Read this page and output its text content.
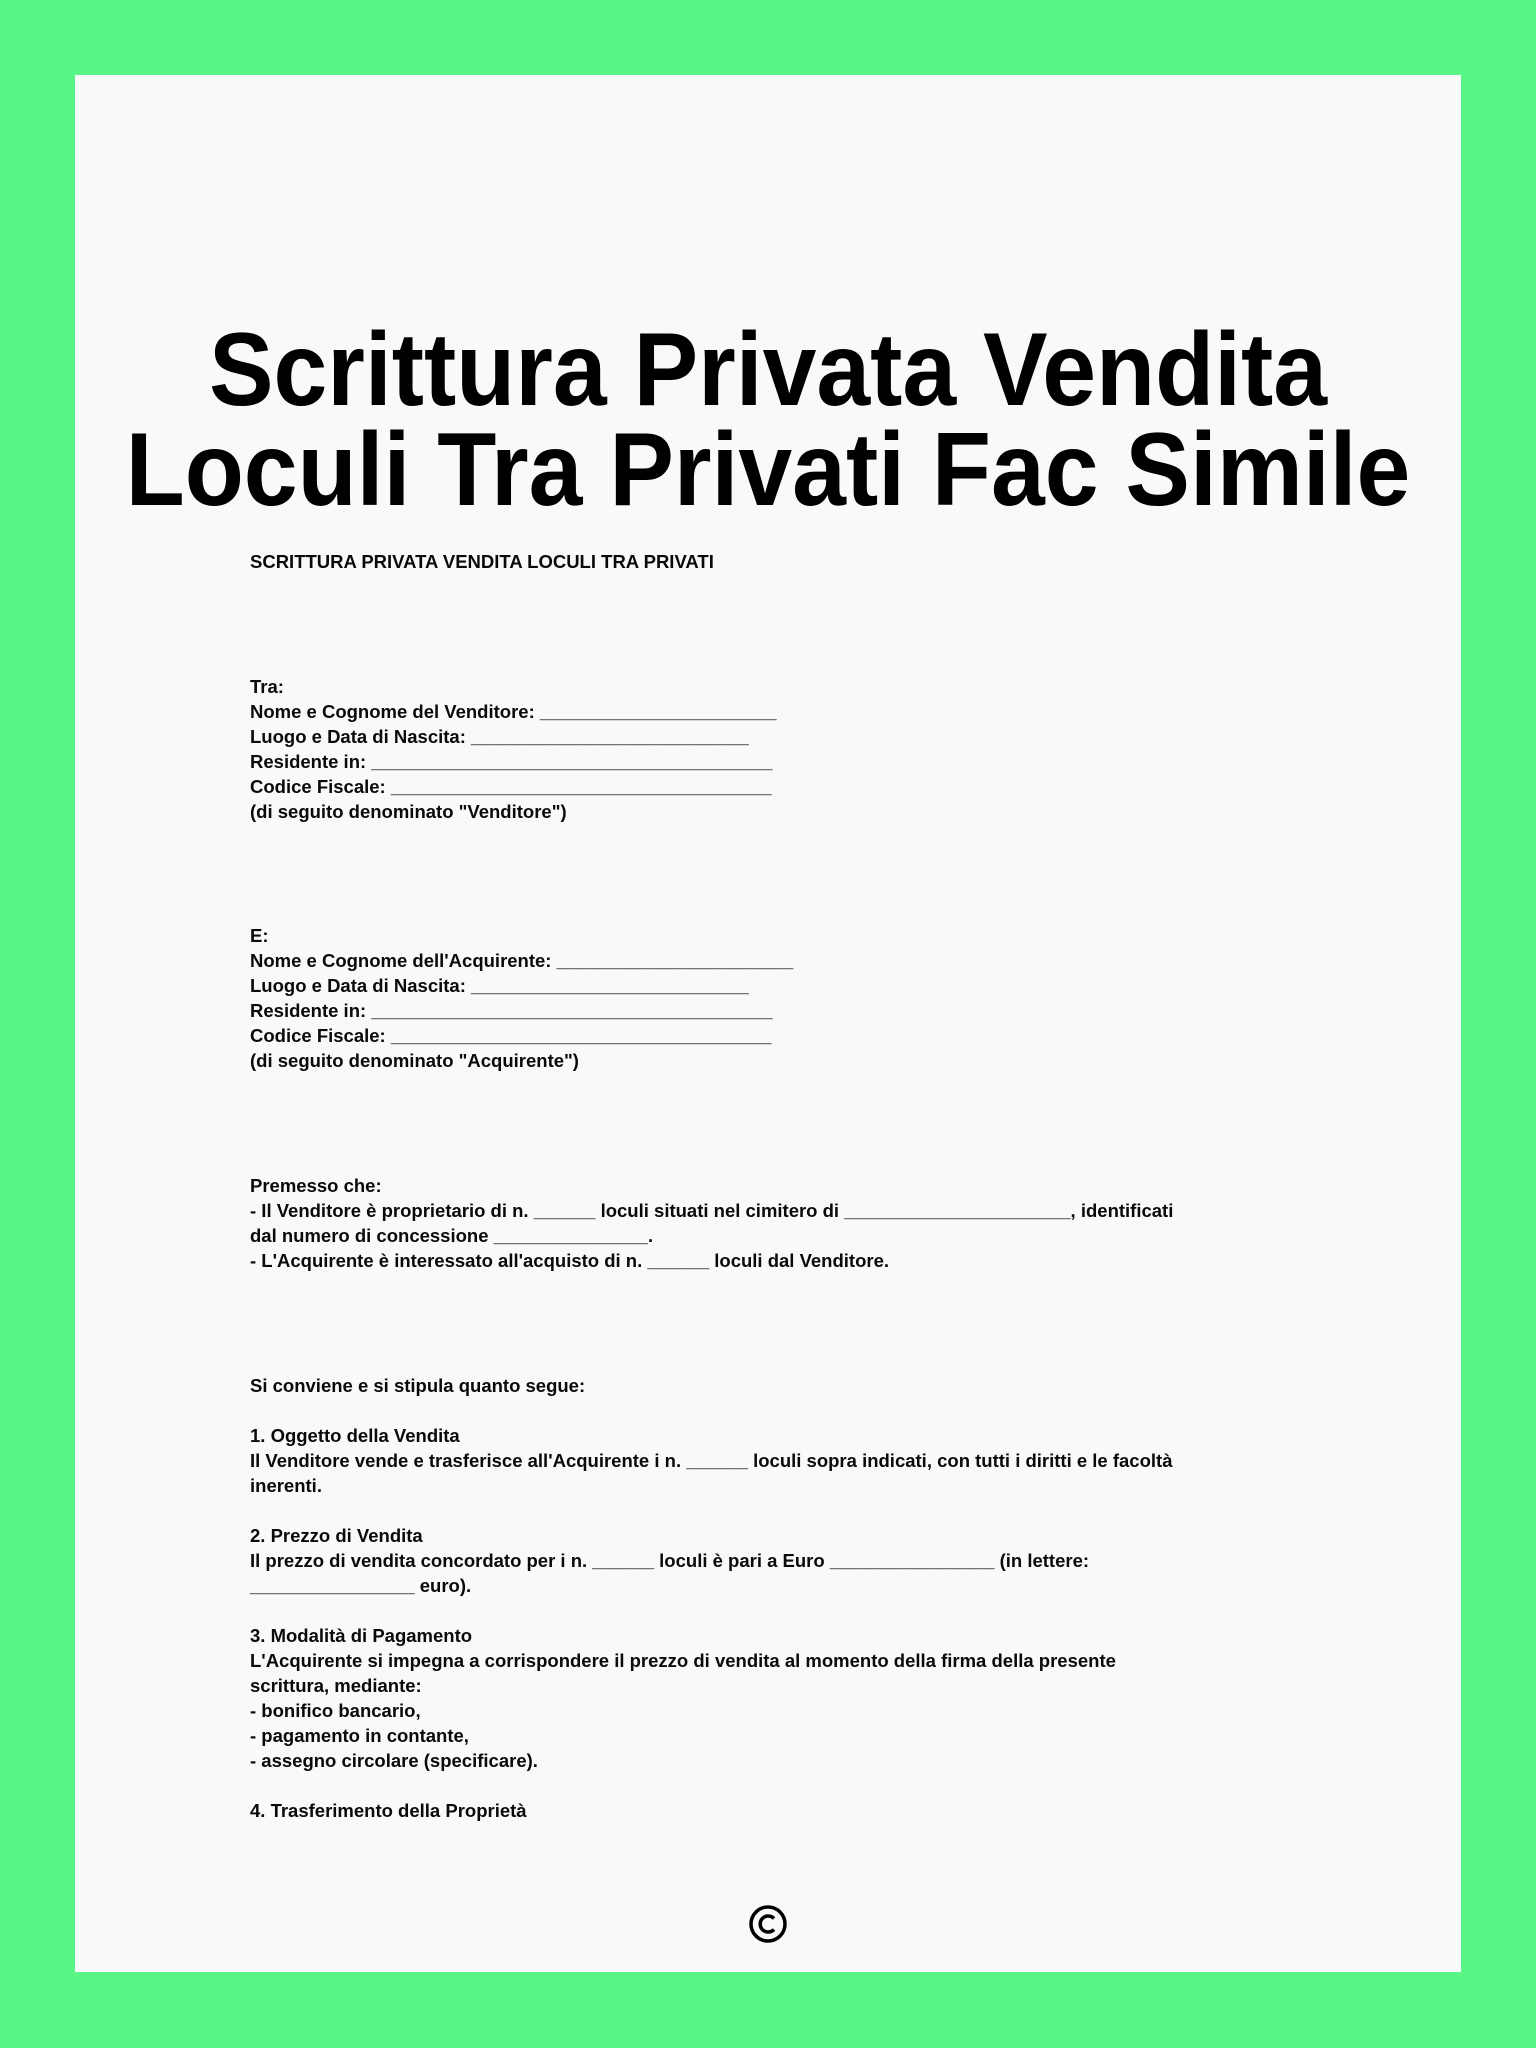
Scrittura Privata Vendita
Loculi Tra Privati Fac Simile
SCRITTURA PRIVATA VENDITA LOCULI TRA PRIVATI
Tra:
Nome e Cognome del Venditore: _______________________
Luogo e Data di Nascita: ___________________________
Residente in: _______________________________________
Codice Fiscale: _____________________________________
(di seguito denominato "Venditore")
E:
Nome e Cognome dell'Acquirente: _______________________
Luogo e Data di Nascita: ___________________________
Residente in: _______________________________________
Codice Fiscale: _____________________________________
(di seguito denominato "Acquirente")
Premesso che:
- Il Venditore è proprietario di n. ______ loculi situati nel cimitero di ______________________, identificati
dal numero di concessione _______________.
- L'Acquirente è interessato all'acquisto di n. ______ loculi dal Venditore.
Si conviene e si stipula quanto segue:
1. Oggetto della Vendita
Il Venditore vende e trasferisce all'Acquirente i n. ______ loculi sopra indicati, con tutti i diritti e le facoltà
inerenti.
2. Prezzo di Vendita
Il prezzo di vendita concordato per i n. ______ loculi è pari a Euro ________________ (in lettere:
________________ euro).
3. Modalità di Pagamento
L'Acquirente si impegna a corrispondere il prezzo di vendita al momento della firma della presente
scrittura, mediante:
- bonifico bancario,
- pagamento in contante,
- assegno circolare (specificare).
4. Trasferimento della Proprietà
